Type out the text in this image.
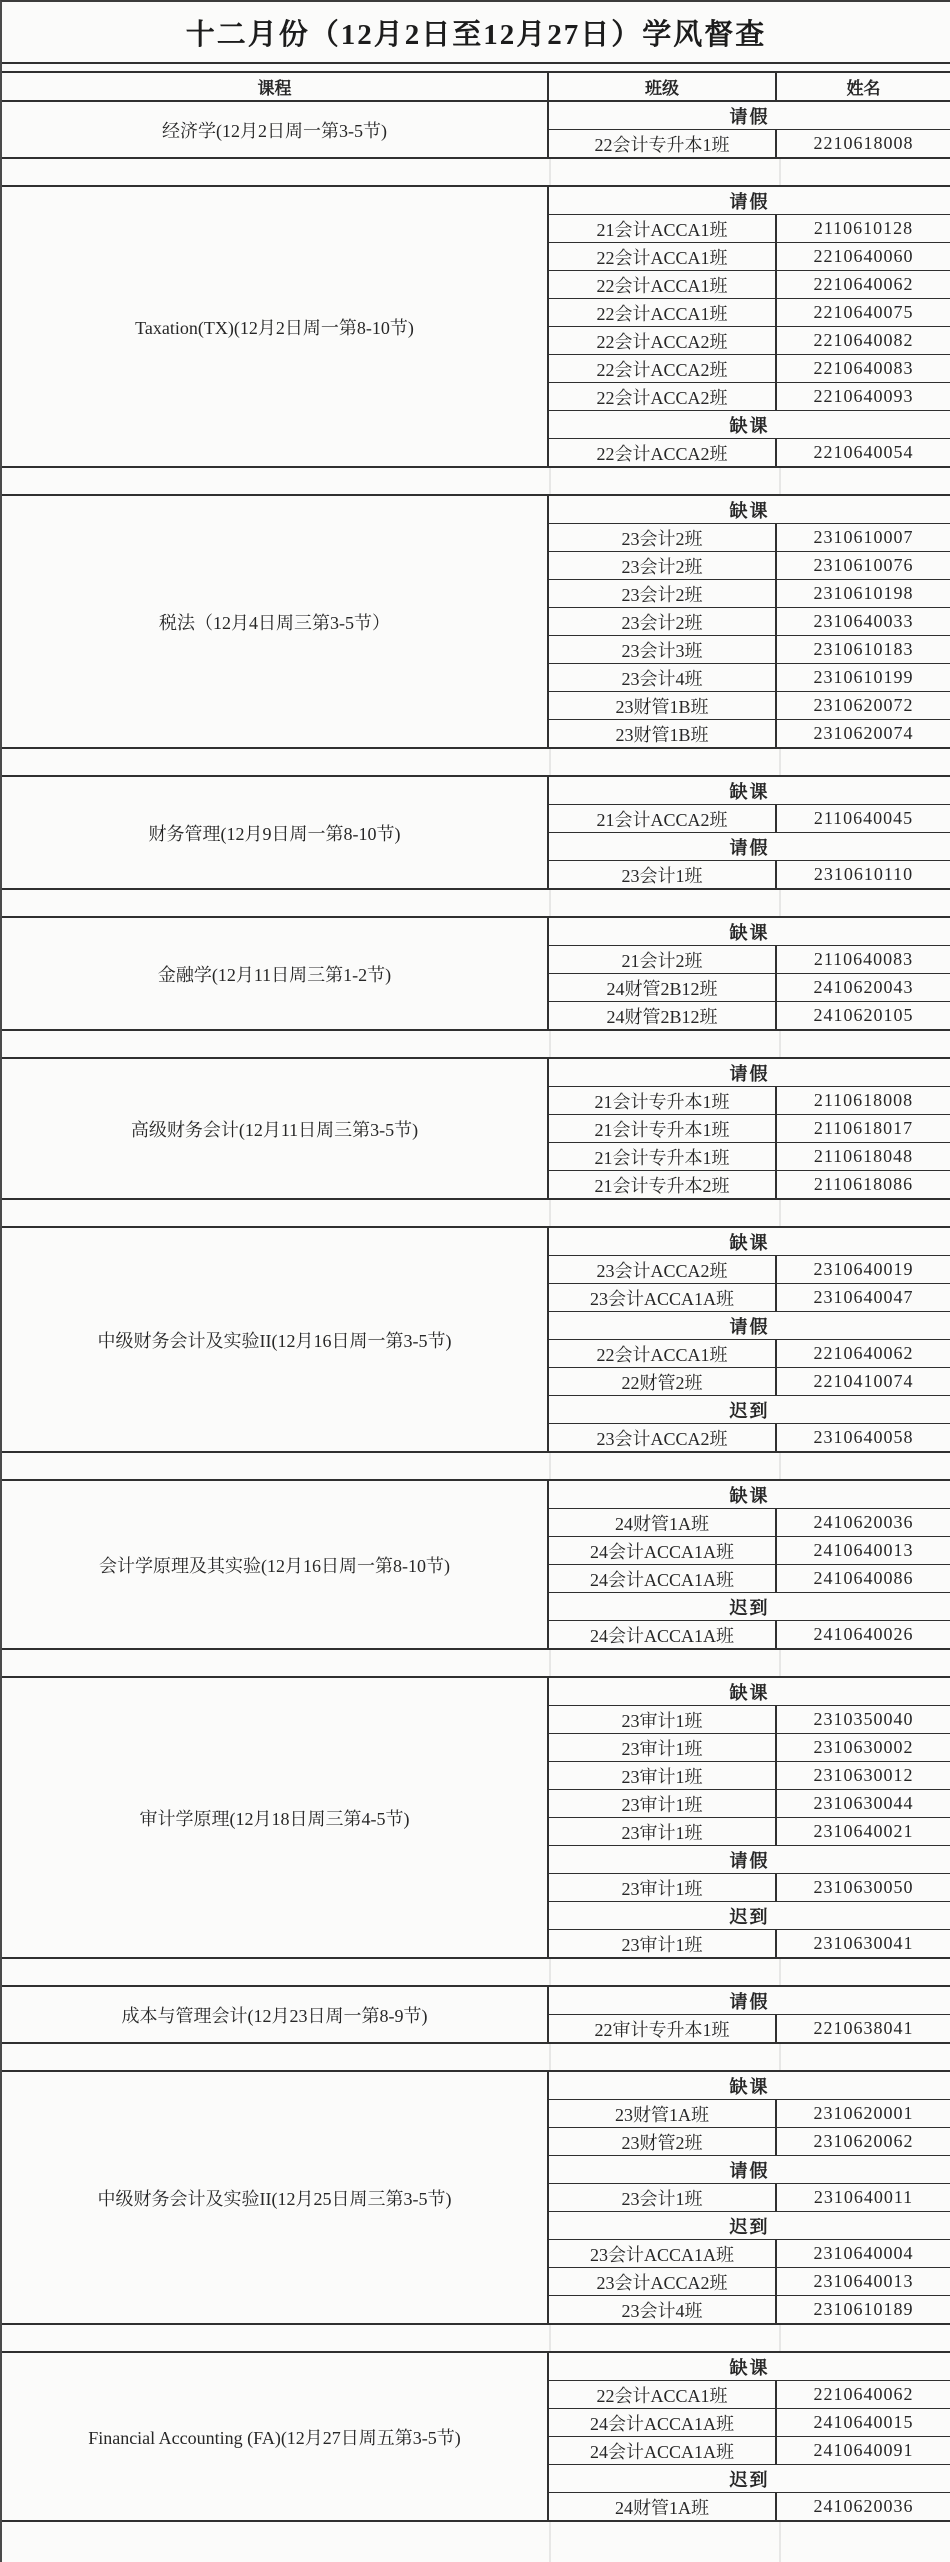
十二月份（12月2日至12月27日）学风督查
课程	班级	姓名
经济学(12月2日周一第3-5节)
请假
22会计专升本1班	2210618008
Taxation(TX)(12月2日周一第8-10节)
请假
21会计ACCA1班	2110610128
22会计ACCA1班	2210640060
22会计ACCA1班	2210640062
22会计ACCA1班	2210640075
22会计ACCA2班	2210640082
22会计ACCA2班	2210640083
22会计ACCA2班	2210640093
缺课
22会计ACCA2班	2210640054
税法（12月4日周三第3-5节）
缺课
23会计2班	2310610007
23会计2班	2310610076
23会计2班	2310610198
23会计2班	2310640033
23会计3班	2310610183
23会计4班	2310610199
23财管1B班	2310620072
23财管1B班	2310620074
财务管理(12月9日周一第8-10节)
缺课
21会计ACCA2班	2110640045
请假
23会计1班	2310610110
金融学(12月11日周三第1-2节)
缺课
21会计2班	2110640083
24财管2B12班	2410620043
24财管2B12班	2410620105
高级财务会计(12月11日周三第3-5节)
请假
21会计专升本1班	2110618008
21会计专升本1班	2110618017
21会计专升本1班	2110618048
21会计专升本2班	2110618086
中级财务会计及实验II(12月16日周一第3-5节)
缺课
23会计ACCA2班	2310640019
23会计ACCA1A班	2310640047
请假
22会计ACCA1班	2210640062
22财管2班	2210410074
迟到
23会计ACCA2班	2310640058
会计学原理及其实验(12月16日周一第8-10节)
缺课
24财管1A班	2410620036
24会计ACCA1A班	2410640013
24会计ACCA1A班	2410640086
迟到
24会计ACCA1A班	2410640026
审计学原理(12月18日周三第4-5节)
缺课
23审计1班	2310350040
23审计1班	2310630002
23审计1班	2310630012
23审计1班	2310630044
23审计1班	2310640021
请假
23审计1班	2310630050
迟到
23审计1班	2310630041
成本与管理会计(12月23日周一第8-9节)
请假
22审计专升本1班	2210638041
中级财务会计及实验II(12月25日周三第3-5节)
缺课
23财管1A班	2310620001
23财管2班	2310620062
请假
23会计1班	2310640011
迟到
23会计ACCA1A班	2310640004
23会计ACCA2班	2310640013
23会计4班	2310610189
Financial Accounting (FA)(12月27日周五第3-5节)
缺课
22会计ACCA1班	2210640062
24会计ACCA1A班	2410640015
24会计ACCA1A班	2410640091
迟到
24财管1A班	2410620036
